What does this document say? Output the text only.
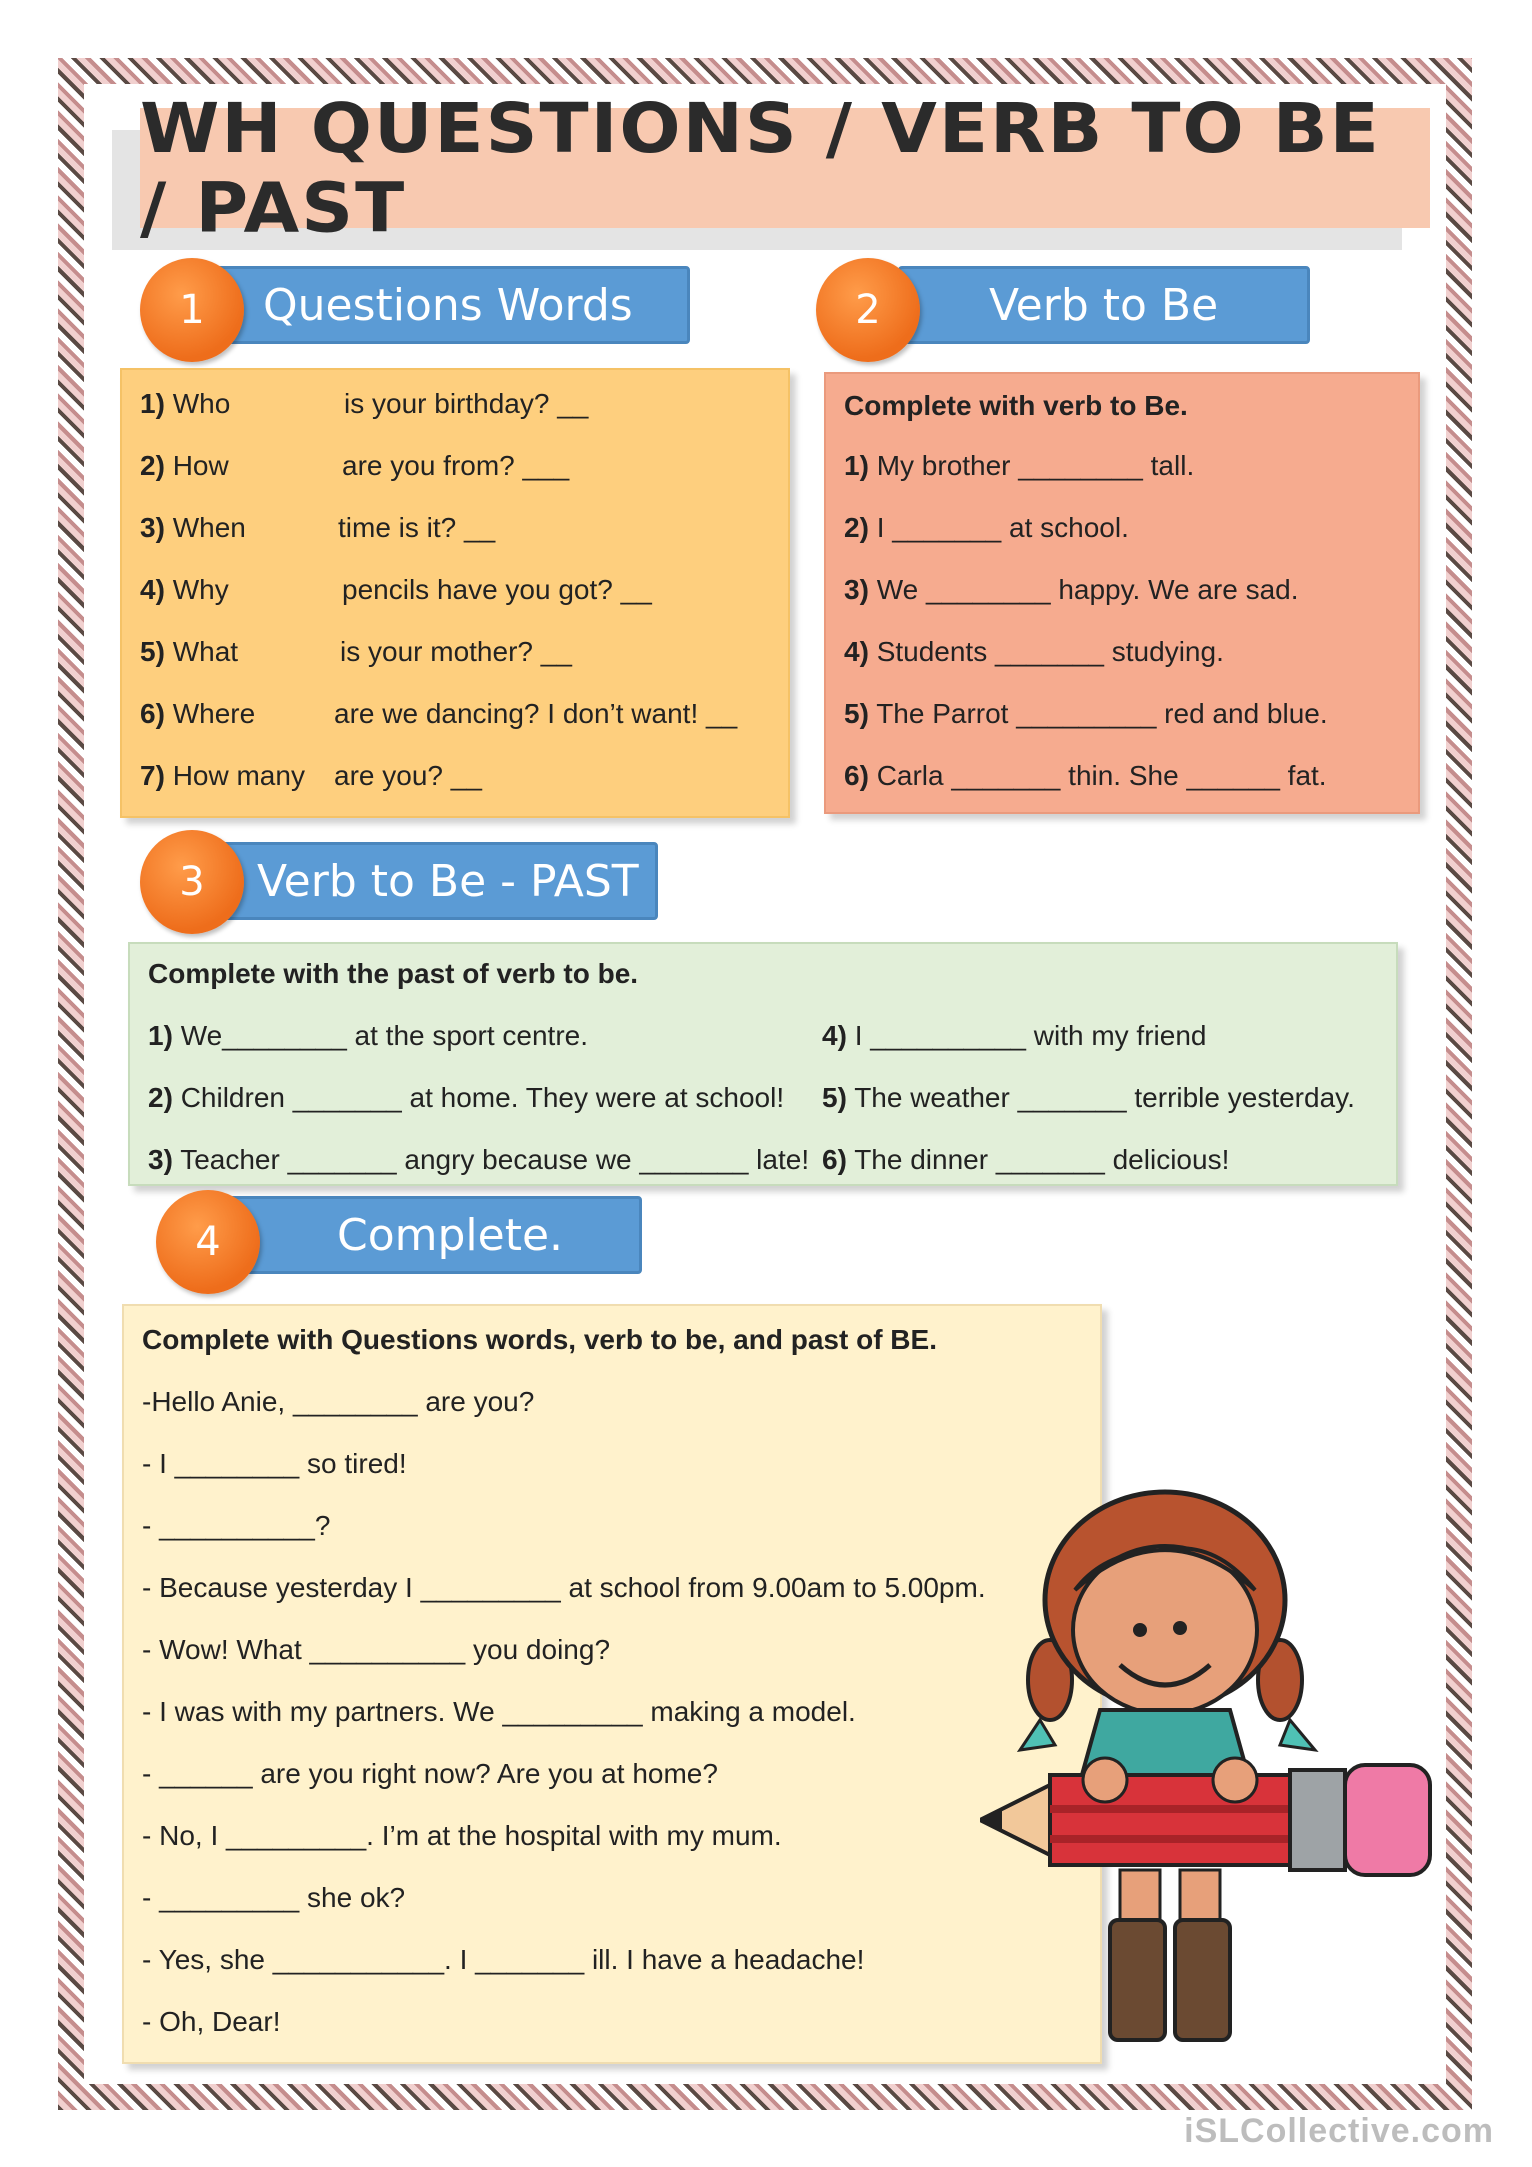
WH QUESTIONS / VERB TO BE / PAST
Questions Words
1
1) Who	is your birthday? __
2) How	are you from? ___
3) When	time is it? __
4) Why	pencils have you got? __
5) What	is your mother? __
6) Where	are we dancing? I don’t want! __
7) How many are you? __
Verb to Be
2
Complete with verb to Be.
1) My brother ________ tall.
2) I _______ at school.
3) We ________ happy. We are sad.
4) Students _______ studying.
5) The Parrot _________ red and blue.
6) Carla _______ thin. She ______ fat.
Verb to Be - PAST
3
Complete with the past of verb to be.
1) We________ at the sport centre.
2) Children _______ at home. They were at school!
3) Teacher _______ angry because we _______ late!
4) I __________ with my friend
5) The weather _______ terrible yesterday.
6) The dinner _______ delicious!
Complete.
4
Complete with Questions words, verb to be, and past of BE.
-Hello Anie, ________ are you?
- I ________ so tired!
- __________?
- Because yesterday I _________ at school from 9.00am to 5.00pm.
- Wow! What __________ you doing?
- I was with my partners. We _________ making a model.
- ______ are you right now? Are you at home?
- No, I _________. I’m at the hospital with my mum.
- _________ she ok?
- Yes, she ___________. I _______ ill. I have a headache!
- Oh, Dear!
iSLCollective.com
